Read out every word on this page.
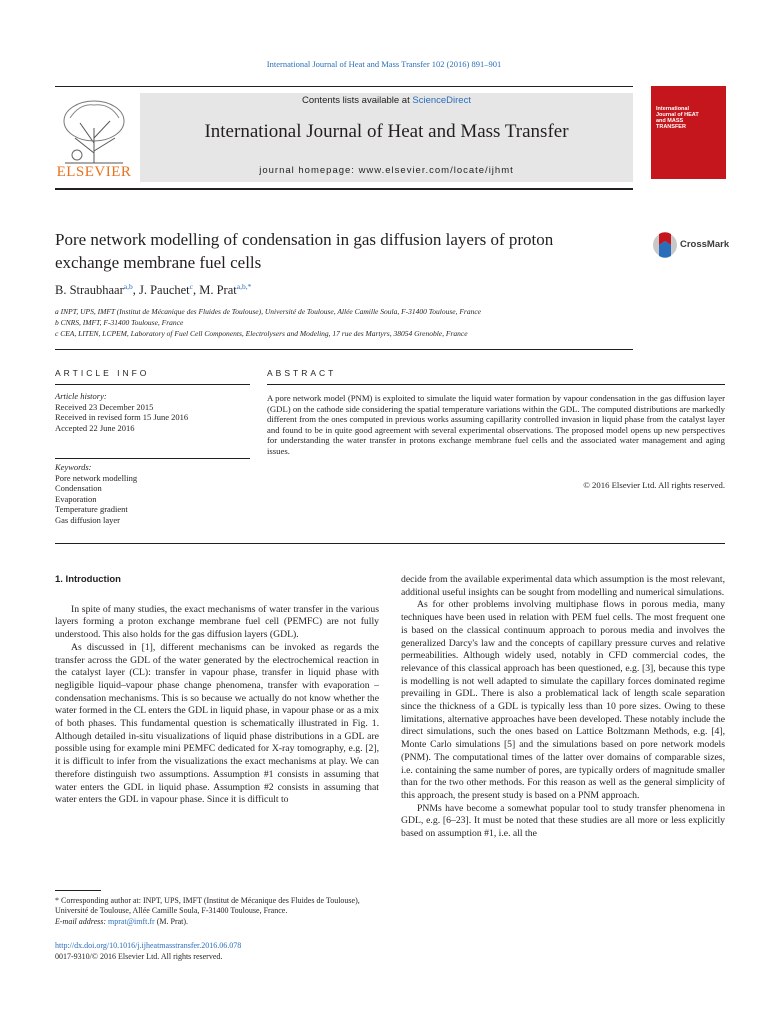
International Journal of Heat and Mass Transfer 102 (2016) 891–901
ELSEVIER
Contents lists available at ScienceDirect
International Journal of Heat and Mass Transfer
journal homepage: www.elsevier.com/locate/ijhmt
International Journal of HEAT and MASS TRANSFER
Pore network modelling of condensation in gas diffusion layers of proton
exchange membrane fuel cells
CrossMark
B. Straubhaar$^{a,b}$, J. Pauchet$^c$, M. Prat$^{a,b,*}$
a INPT, UPS, IMFT (Institut de Mécanique des Fluides de Toulouse), Université de Toulouse, Allée Camille Soula, F-31400 Toulouse, France
b CNRS, IMFT, F-31400 Toulouse, France
c CEA, LITEN, LCPEM, Laboratory of Fuel Cell Components, Electrolysers and Modeling, 17 rue des Martyrs, 38054 Grenoble, France
ARTICLE INFO
Article history:
Received 23 December 2015
Received in revised form 15 June 2016
Accepted 22 June 2016
Keywords:
Pore network modelling
Condensation
Evaporation
Temperature gradient
Gas diffusion layer
ABSTRACT
A pore network model (PNM) is exploited to simulate the liquid water formation by vapour condensation in the gas diffusion layer (GDL) on the cathode side considering the spatial temperature variations within the GDL. The computed distributions are markedly different from the ones computed in previous works assuming capillarity controlled invasion in liquid phase from the catalyst layer and found to be in quite good agreement with several experimental observations. The proposed model opens up new perspectives for understanding the water transfer in protons exchange membrane fuel cells and the associated water management and aging issues.
© 2016 Elsevier Ltd. All rights reserved.

1. Introduction

In spite of many studies, the exact mechanisms of water transfer in the various layers forming a proton exchange membrane fuel cell (PEMFC) are not fully understood. This also holds for the gas diffusion layers (GDL).

As discussed in [1], different mechanisms can be invoked as regards the transfer across the GDL of the water generated by the electrochemical reaction in the catalyst layer (CL): transfer in vapour phase, transfer in liquid phase with negligible liquid–vapour phase change phenomena, transfer with evaporation – condensation mechanisms. This is so because we actually do not know whether the water formed in the CL enters the GDL in liquid phase, in vapour phase or as a mix of both phases. This fundamental question is schematically illustrated in Fig. 1. Although detailed in-situ visualizations of liquid phase distributions in a GDL are possible using for example mini PEMFC dedicated for X-ray tomography, e.g. [2], it is difficult to infer from the visualizations the exact mechanisms at play. We can therefore distinguish two assumptions. Assumption #1 consists in assuming that water enters the GDL in liquid phase. Assumption #2 consists in assuming that water enters the GDL in vapour phase. Since it is difficult to

decide from the available experimental data which assumption is the most relevant, additional useful insights can be sought from modelling and numerical simulations.

As for other problems involving multiphase flows in porous media, many techniques have been used in relation with PEM fuel cells. The most frequent one is based on the classical continuum approach to porous media and involves the generalized Darcy's law and the concepts of capillary pressure curves and relative permeabilities. Although widely used, notably in CFD commercial codes, the relevance of this classical approach has been questioned, e.g. [3], because this type is modelling is not well adapted to simulate the capillary forces dominated regime prevailing in GDL. There is also a problematical lack of length scale separation since the thickness of a GDL is typically less than 10 pore sizes. Owing to these limitations, alternative approaches have been developed. These notably include the direct simulations, such the ones based on Lattice Boltzmann Methods, e.g. [4], Monte Carlo simulations [5] and the simulations based on pore network models (PNM). The computational times of the latter over domains of comparable sizes, i.e. containing the same number of pores, are typically orders of magnitude smaller than for the two other methods. For this reason as well as the general simplicity of this approach, the present study is based on a PNM approach.

PNMs have become a somewhat popular tool to study transfer phenomena in GDL, e.g. [6–23]. It must be noted that these studies are all more or less explicitly based on assumption #1, i.e. all the

* Corresponding author at: INPT, UPS, IMFT (Institut de Mécanique des Fluides de Toulouse), Université de Toulouse, Allée Camille Soula, F-31400 Toulouse, France.
E-mail address: mprat@imft.fr (M. Prat).
http://dx.doi.org/10.1016/j.ijheatmasstransfer.2016.06.078
0017-9310/© 2016 Elsevier Ltd. All rights reserved.
